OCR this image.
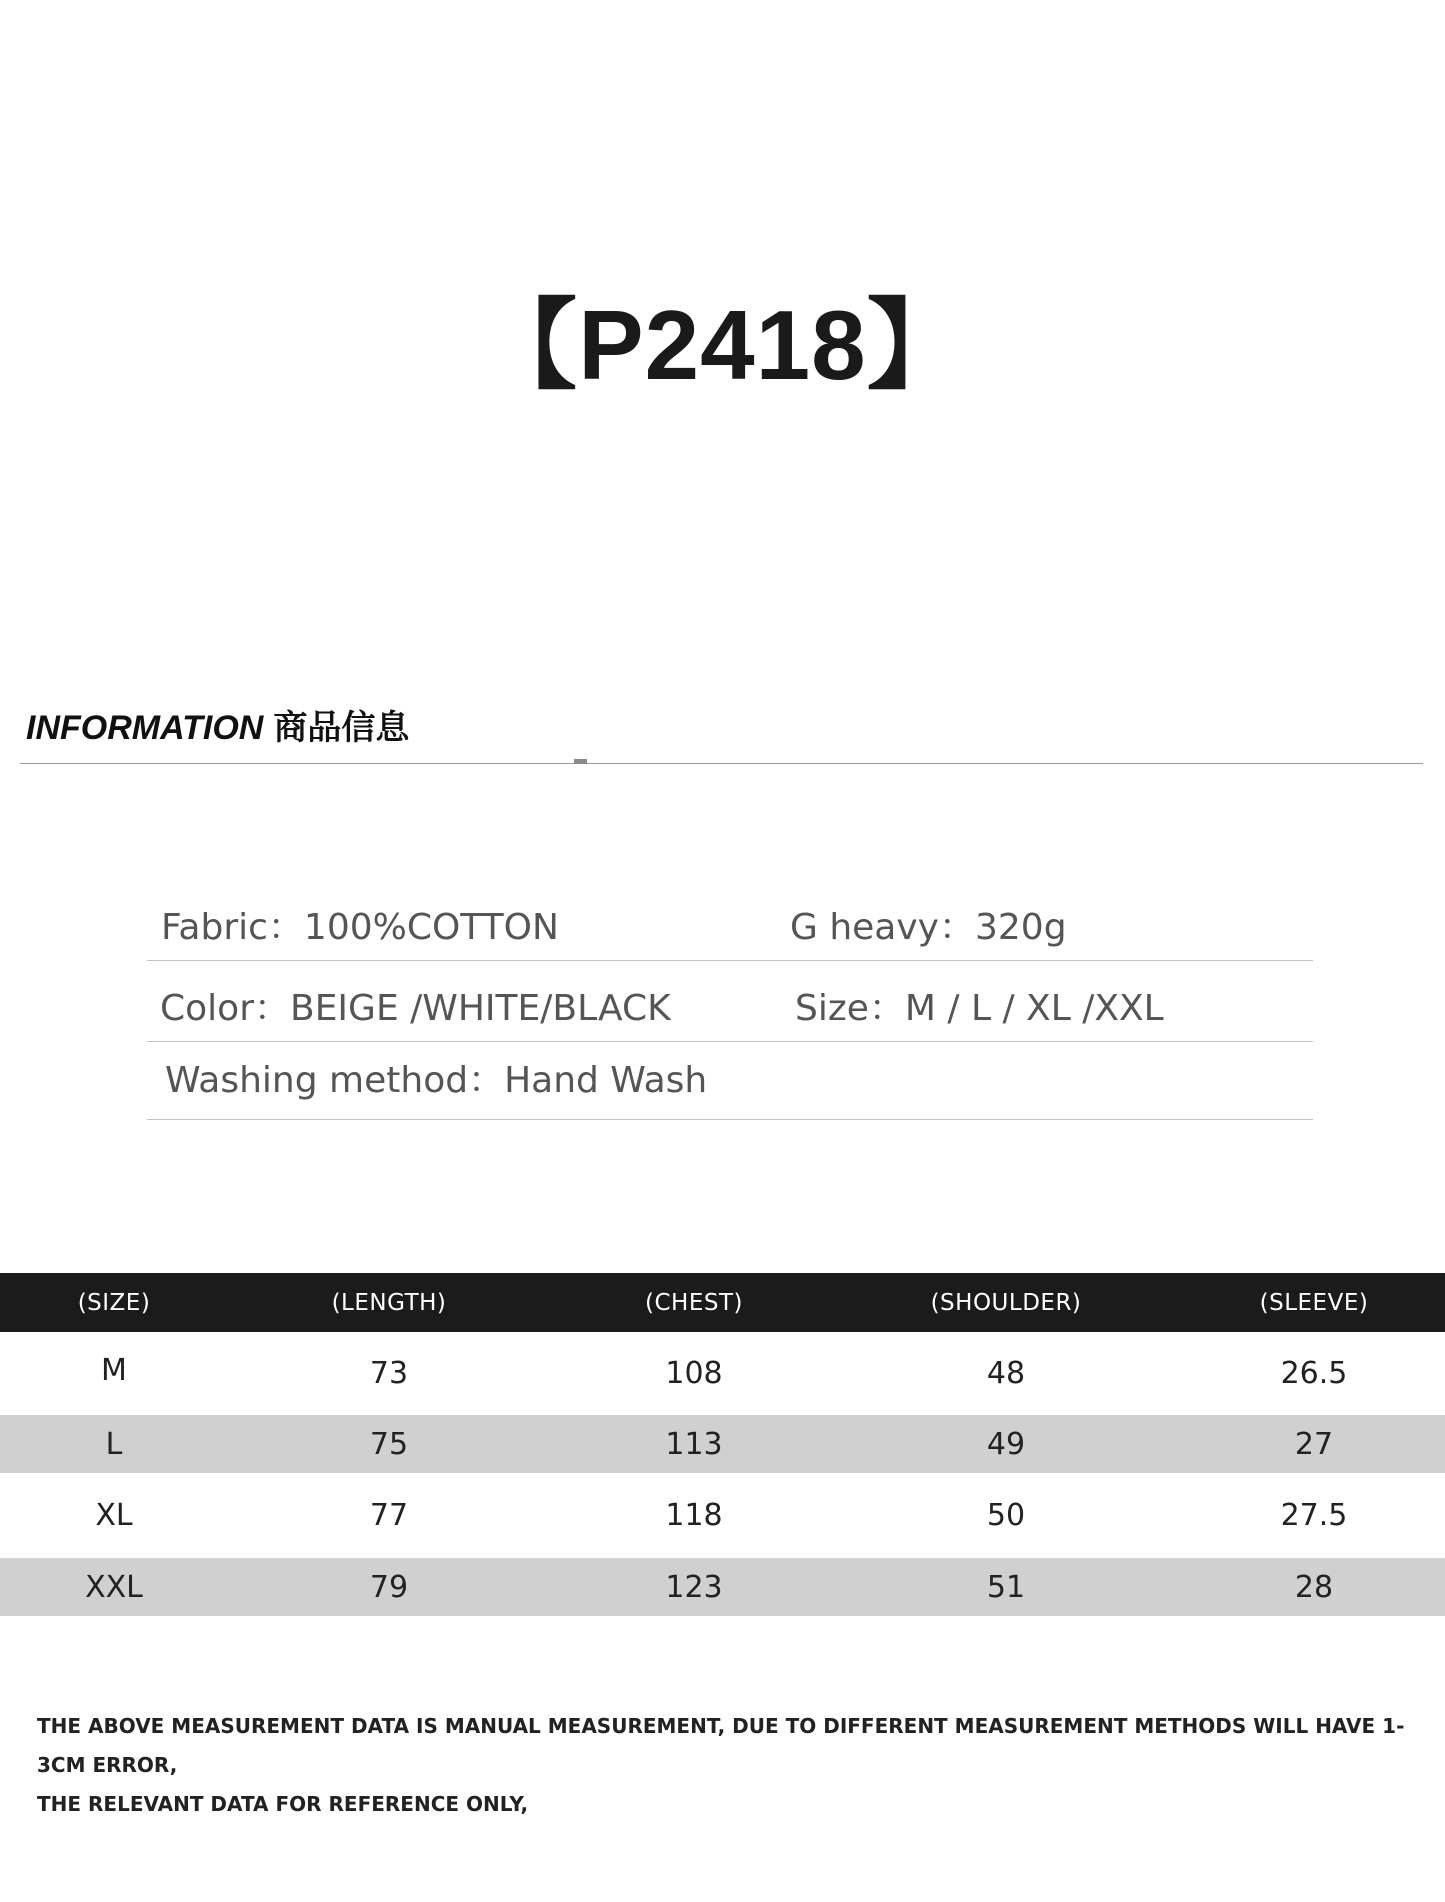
【P2418】
INFORMATION 商品信息
Fabric：100%COTTON	G heavy：320g
Color：BEIGE /WHITE/BLACK	Size：M / L / XL /XXL
Washing method：Hand Wash
(SIZE)	(LENGTH)	(CHEST)	(SHOULDER)	(SLEEVE)
M	73	108	48	26.5
L	75	113	49	27
XL	77	118	50	27.5
XXL	79	123	51	28
THE ABOVE MEASUREMENT DATA IS MANUAL MEASUREMENT, DUE TO DIFFERENT MEASUREMENT METHODS WILL HAVE 1-3CM ERROR,
THE RELEVANT DATA FOR REFERENCE ONLY,
